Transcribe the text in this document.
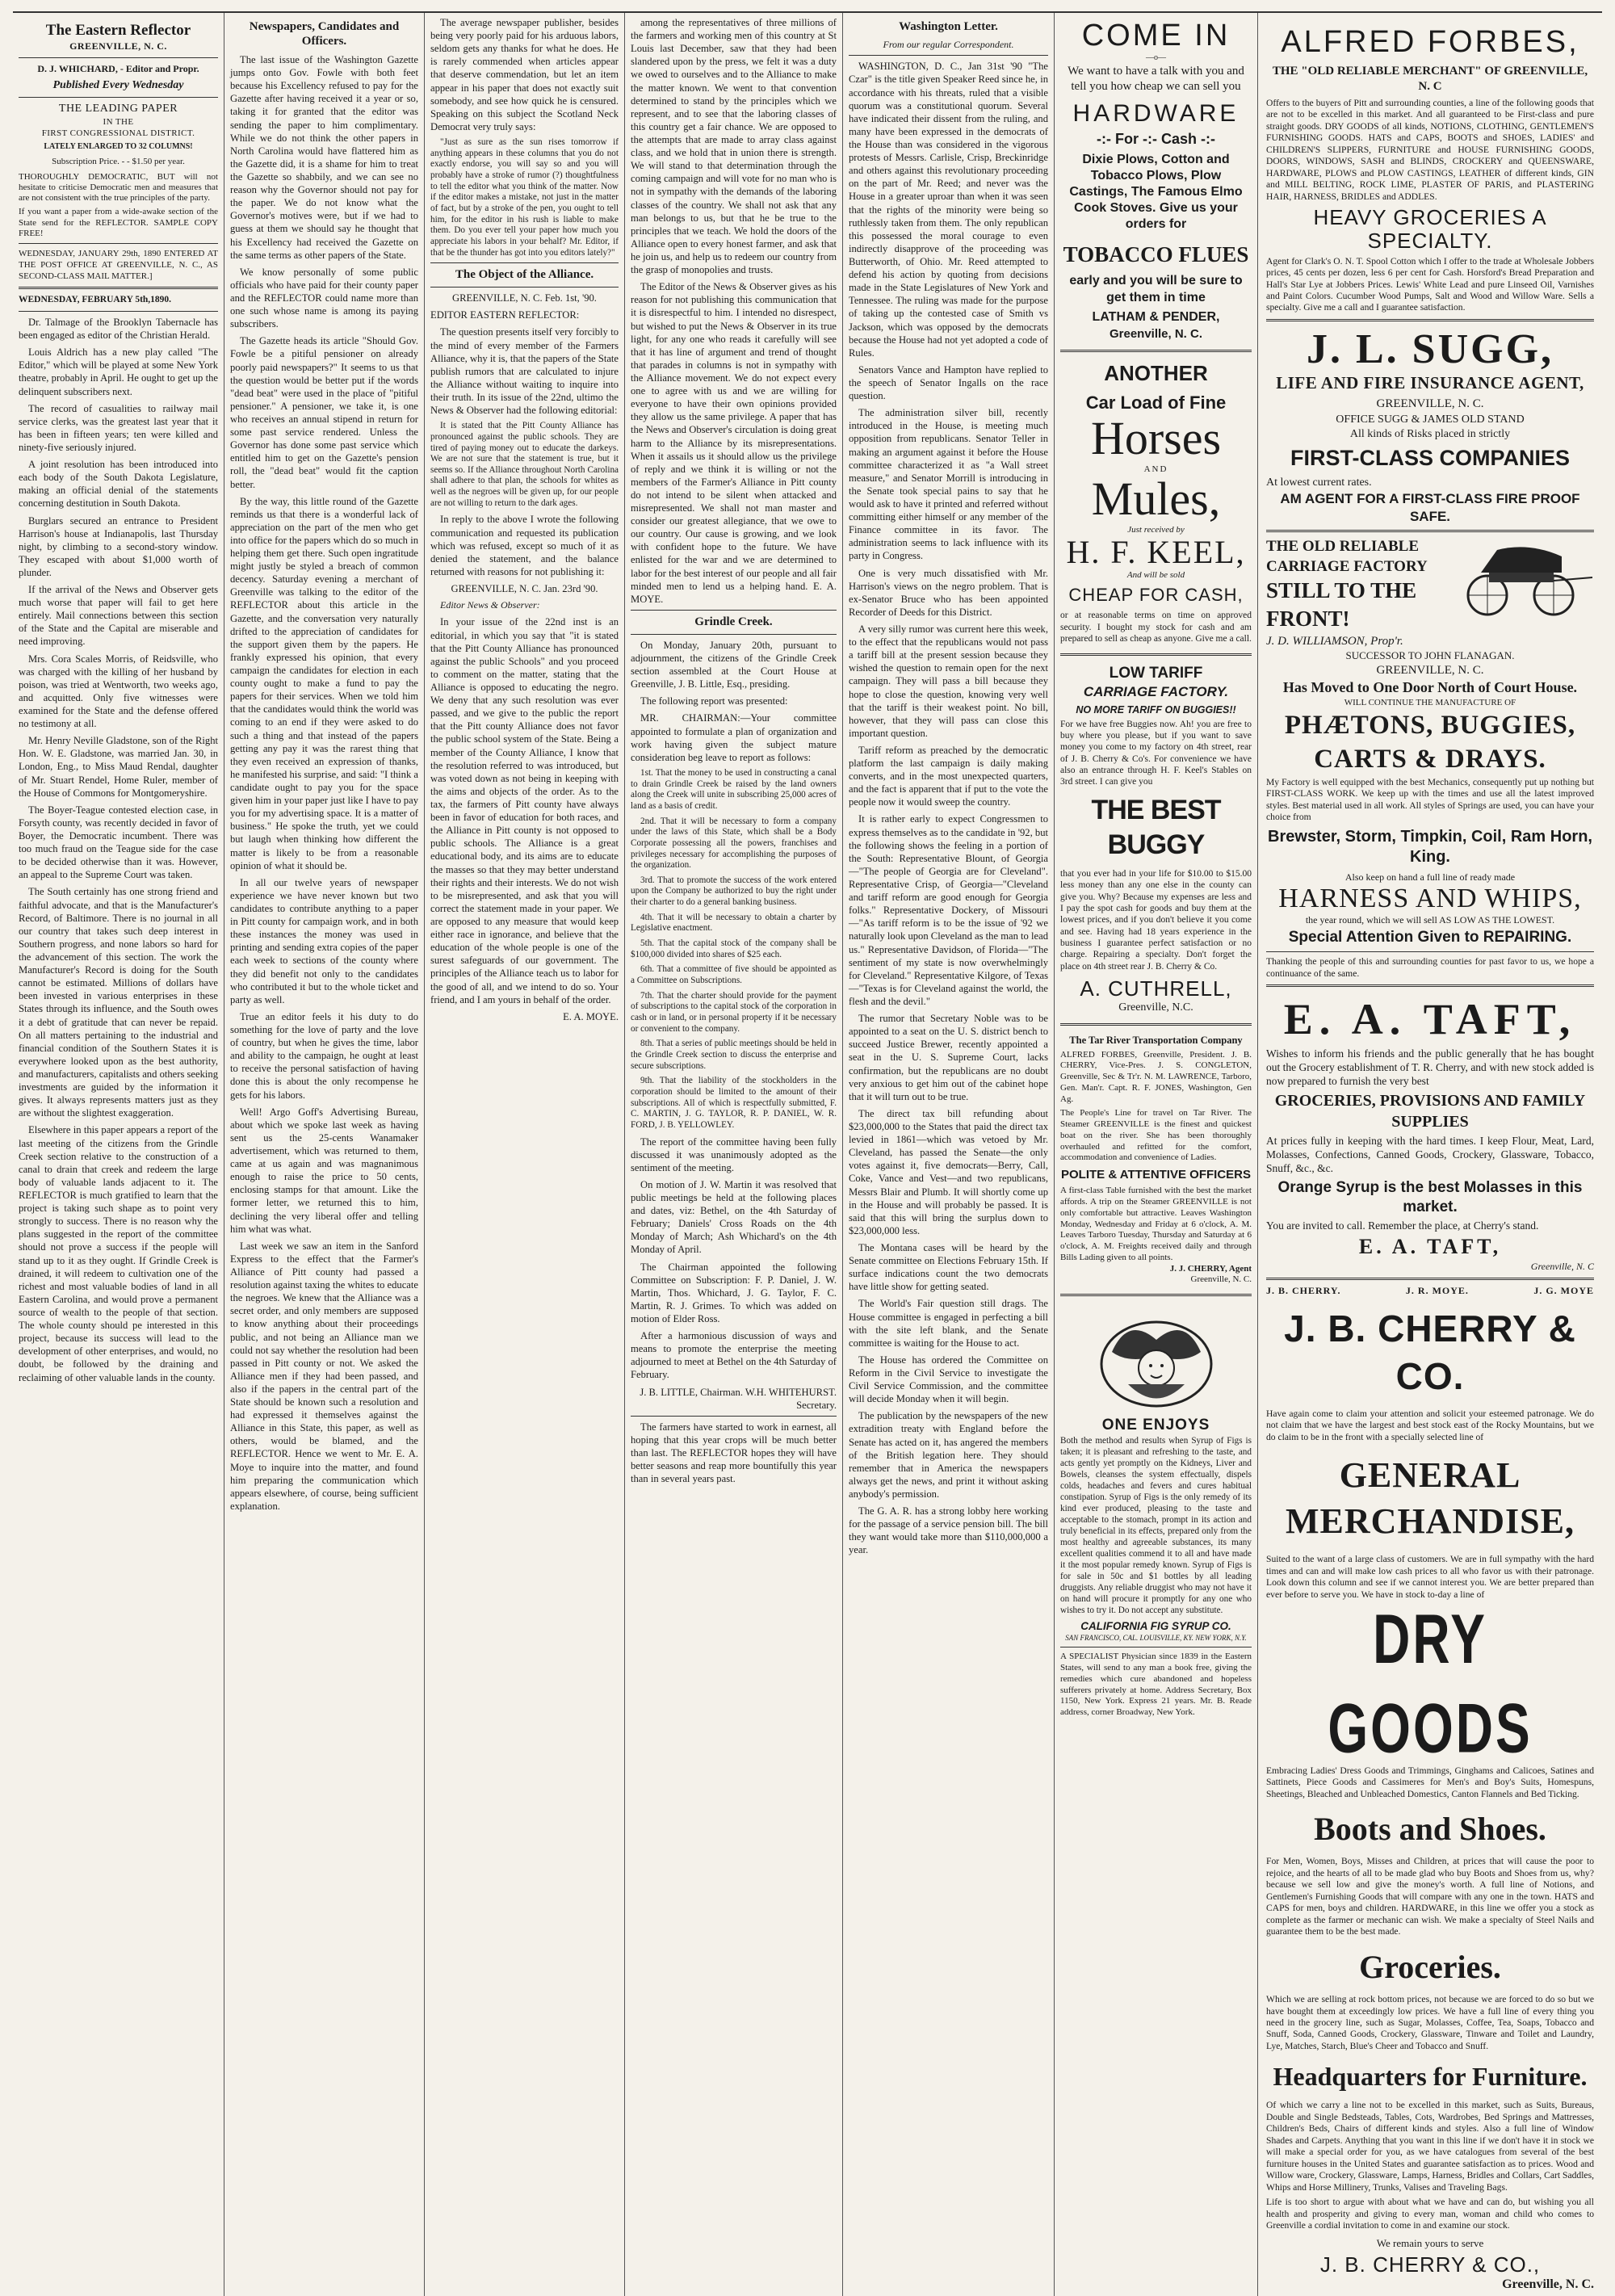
The Eastern Reflector
GREENVILLE, N. C.
D. J. WHICHARD, - Editor and Propr.
Published Every Wednesday
THE LEADING PAPER
IN THE
FIRST CONGRESSIONAL DISTRICT.
LATELY ENLARGED TO 32 COLUMNS!
Subscription Price. - - $1.50 per year.
THOROUGHLY DEMOCRATIC, BUT will not hesitate to criticise Democratic men and measures that are not consistent with the true principles of the party.
If you want a paper from a wide-awake section of the State send for the REFLECTOR. SAMPLE COPY FREE!
WEDNESDAY, JANUARY 29th, 1890 ENTERED AT THE POST OFFICE AT GREENVILLE, N. C., AS SECOND-CLASS MAIL MATTER.]
WEDNESDAY, FEBRUARY 5th,1890.

Dr. Talmage of the Brooklyn Tabernacle has been engaged as editor of the Christian Herald.

Louis Aldrich has a new play called "The Editor," which will be played at some New York theatre, probably in April. He ought to get up the delinquent subscribers next.

The record of casualities to railway mail service clerks, was the greatest last year that it has been in fifteen years; ten were killed and ninety-five seriously injured.

A joint resolution has been introduced into each body of the South Dakota Legislature, making an official denial of the statements concerning destitution in South Dakota.

Burglars secured an entrance to President Harrison's house at Indianapolis, last Thursday night, by climbing to a second-story window. They escaped with about $1,000 worth of plunder.

If the arrival of the News and Observer gets much worse that paper will fail to get here entirely. Mail connections between this section of the State and the Capital are miserable and need improving.

Mrs. Cora Scales Morris, of Reidsville, who was charged with the killing of her husband by poison, was tried at Wentworth, two weeks ago, and acquitted. Only five witnesses were examined for the State and the defense offered no testimony at all.

Mr. Henry Neville Gladstone, son of the Right Hon. W. E. Gladstone, was married Jan. 30, in London, Eng., to Miss Maud Rendal, daughter of Mr. Stuart Rendel, Home Ruler, member of the House of Commons for Montgomeryshire.

The Boyer-Teague contested election case, in Forsyth county, was recently decided in favor of Boyer, the Democratic incumbent. There was too much fraud on the Teague side for the case to be decided otherwise than it was. However, an appeal to the Supreme Court was taken.

The South certainly has one strong friend and faithful advocate, and that is the Manufacturer's Record, of Baltimore. There is no journal in all our country that takes such deep interest in Southern progress, and none labors so hard for the advancement of this section. The work the Manufacturer's Record is doing for the South cannot be estimated. Millions of dollars have been invested in various enterprises in these States through its influence, and the South owes it a debt of gratitude that can never be repaid. On all matters pertaining to the industrial and financial condition of the Southern States it is everywhere looked upon as the best authority, and manufacturers, capitalists and others seeking investments are guided by the information it gives. It always represents matters just as they are without the slightest exaggeration.

Elsewhere in this paper appears a report of the last meeting of the citizens from the Grindle Creek section relative to the construction of a canal to drain that creek and redeem the large body of valuable lands adjacent to it. The REFLECTOR is much gratified to learn that the project is taking such shape as to point very strongly to success. There is no reason why the plans suggested in the report of the committee should not prove a success if the people will stand up to it as they ought. If Grindle Creek is drained, it will redeem to cultivation one of the richest and most valuable bodies of land in all Eastern Carolina, and would prove a permanent source of wealth to the people of that section. The whole county should pe interested in this project, because its success will lead to the development of other enterprises, and would, no doubt, be followed by the draining and reclaiming of other valuable lands in the county.

Newspapers, Candidates and Officers.

The last issue of the Washington Gazette jumps onto Gov. Fowle with both feet because his Excellency refused to pay for the Gazette after having received it a year or so, taking it for granted that the editor was sending the paper to him complimentary. While we do not think the other papers in North Carolina would have flattered him as the Gazette did, it is a shame for him to treat the Gazette so shabbily, and we can see no reason why the Governor should not pay for the paper. We do not know what the Governor's motives were, but if we had to guess at them we should say he thought that his Excellency had received the Gazette on the same terms as other papers of the State.

We know personally of some public officials who have paid for their county paper and the REFLECTOR could name more than one such whose name is among its paying subscribers.

The Gazette heads its article "Should Gov. Fowle be a pitiful pensioner on already poorly paid newspapers?" It seems to us that the question would be better put if the words "dead beat" were used in the place of "pitiful pensioner." A pensioner, we take it, is one who receives an annual stipend in return for some past service rendered. Unless the Governor has done some past service which entitled him to get on the Gazette's pension roll, the "dead beat" would fit the caption better.

By the way, this little round of the Gazette reminds us that there is a wonderful lack of appreciation on the part of the men who get into office for the papers which do so much in helping them get there. Such open ingratitude might justly be styled a breach of common decency. Saturday evening a merchant of Greenville was talking to the editor of the REFLECTOR about this article in the Gazette, and the conversation very naturally drifted to the appreciation of candidates for the support given them by the papers. He frankly expressed his opinion, that every campaign the candidates for election in each county ought to make a fund to pay the papers for their services. When we told him that the candidates would think the world was coming to an end if they were asked to do such a thing and that instead of the papers getting any pay it was the rarest thing that they even received an expression of thanks, he manifested his surprise, and said: "I think a candidate ought to pay you for the space given him in your paper just like I have to pay you for my advertising space. It is a matter of business." He spoke the truth, yet we could but laugh when thinking how different the matter is likely to be from a reasonable opinion of what it should be.

In all our twelve years of newspaper experience we have never known but two candidates to contribute anything to a paper in Pitt county for campaign work, and in both these instances the money was used in printing and sending extra copies of the paper each week to sections of the county where they did benefit not only to the candidates who contributed it but to the whole ticket and party as well.

True an editor feels it his duty to do something for the love of party and the love of country, but when he gives the time, labor and ability to the campaign, he ought at least to receive the personal satisfaction of having done this is about the only recompense he gets for his labors.

Well! Argo Goff's Advertising Bureau, about which we spoke last week as having sent us the 25-cents Wanamaker advertisement, which was returned to them, came at us again and was magnanimous enough to raise the price to 50 cents, enclosing stamps for that amount. Like the former letter, we returned this to him, declining the very liberal offer and telling him what was what.

Last week we saw an item in the Sanford Express to the effect that the Farmer's Alliance of Pitt county had passed a resolution against taxing the whites to educate the negroes. We knew that the Alliance was a secret order, and only members are supposed to know anything about their proceedings public, and not being an Alliance man we could not say whether the resolution had been passed in Pitt county or not. We asked the Alliance men if they had been passed, and also if the papers in the central part of the State should be known such a resolution and had expressed it themselves against the Alliance in this State, this paper, as well as others, would be blamed, and the REFLECTOR. Hence we went to Mr. E. A. Moye to inquire into the matter, and found him preparing the communication which appears elsewhere, of course, being sufficient explanation.

The average newspaper publisher, besides being very poorly paid for his arduous labors, seldom gets any thanks for what he does. He is rarely commended when articles appear that deserve commendation, but let an item appear in his paper that does not exactly suit somebody, and see how quick he is censured. Speaking on this subject the Scotland Neck Democrat very truly says:

"Just as sure as the sun rises tomorrow if anything appears in these columns that you do not exactly endorse, you will say so and you will probably have a stroke of rumor (?) thoughtfulness to tell the editor what you think of the matter. Now if the editor makes a mistake, not just in the matter of fact, but by a stroke of the pen, you ought to tell him, for the editor in his rush is liable to make them. Do you ever tell your paper how much you appreciate his labors in your behalf? Mr. Editor, if that be the thunder has got into you editors lately?"

The Object of the Alliance.

GREENVILLE, N. C. Feb. 1st, '90.

EDITOR EASTERN REFLECTOR:

The question presents itself very forcibly to the mind of every member of the Farmers Alliance, why it is, that the papers of the State publish rumors that are calculated to injure the Alliance without waiting to inquire into their truth. In its issue of the 22nd, ultimo the News & Observer had the following editorial:

It is stated that the Pitt County Alliance has pronounced against the public schools. They are tired of paying money out to educate the darkeys. We are not sure that the statement is true, but it seems so. If the Alliance throughout North Carolina shall adhere to that plan, the schools for whites as well as the negroes will be given up, for our people are not willing to return to the dark ages.

In reply to the above I wrote the following communication and requested its publication which was refused, except so much of it as denied the statement, and the balance returned with reasons for not publishing it:

GREENVILLE, N. C. Jan. 23rd '90.

Editor News & Observer:

In your issue of the 22nd inst is an editorial, in which you say that "it is stated that the Pitt County Alliance has pronounced against the public Schools" and you proceed to comment on the matter, stating that the Alliance is opposed to educating the negro. We deny that any such resolution was ever passed, and we give to the public the report that the Pitt county Alliance does not favor the public school system of the State. Being a member of the County Alliance, I know that the resolution referred to was introduced, but was voted down as not being in keeping with the aims and objects of the order. As to the tax, the farmers of Pitt county have always been in favor of education for both races, and the Alliance in Pitt county is not opposed to public schools. The Alliance is a great educational body, and its aims are to educate the masses so that they may better understand their rights and their interests. We do not wish to be misrepresented, and ask that you will correct the statement made in your paper. We are opposed to any measure that would keep either race in ignorance, and believe that the education of the whole people is one of the surest safeguards of our government. The principles of the Alliance teach us to labor for the good of all, and we intend to do so. Your friend, and I am yours in behalf of the order.

E. A. MOYE.

among the representatives of three millions of the farmers and working men of this country at St Louis last December, saw that they had been slandered upon by the press, we felt it was a duty we owed to ourselves and to the Alliance to make the matter known. We went to that convention determined to stand by the principles which we represent, and to see that the laboring classes of this country get a fair chance. We are opposed to the attempts that are made to array class against class, and we hold that in union there is strength. We will stand to that determination through the coming campaign and will vote for no man who is not in sympathy with the demands of the laboring classes of the country. We shall not ask that any man belongs to us, but that he be true to the principles that we teach. We hold the doors of the Alliance open to every honest farmer, and ask that he join us, and help us to redeem our country from the grasp of monopolies and trusts.

The Editor of the News & Observer gives as his reason for not publishing this communication that it is disrespectful to him. I intended no disrespect, but wished to put the News & Observer in its true light, for any one who reads it carefully will see that it has line of argument and trend of thought that parades in columns is not in sympathy with the Alliance movement. We do not expect every one to agree with us and we are willing for everyone to have their own opinions provided they allow us the same privilege. A paper that has the News and Observer's circulation is doing great harm to the Alliance by its misrepresentations. When it assails us it should allow us the privilege of reply and we think it is willing or not the members of the Farmer's Alliance in Pitt county do not intend to be silent when attacked and misrepresented. We shall not man master and consider our greatest allegiance, that we owe to our country. Our cause is growing, and we look with confident hope to the future. We have enlisted for the war and we are determined to labor for the best interest of our people and all fair minded men to lend us a helping hand. E. A. MOYE.

Grindle Creek.

On Monday, January 20th, pursuant to adjournment, the citizens of the Grindle Creek section assembled at the Court House at Greenville, J. B. Little, Esq., presiding.

The following report was presented:

MR. CHAIRMAN:—Your committee appointed to formulate a plan of organization and work having given the subject mature consideration beg leave to report as follows:

1st. That the money to be used in constructing a canal to drain Grindle Creek be raised by the land owners along the Creek will unite in subscribing 25,000 acres of land as a basis of credit.

2nd. That it will be necessary to form a company under the laws of this State, which shall be a Body Corporate possessing all the powers, franchises and privileges necessary for accomplishing the purposes of the organization.

3rd. That to promote the success of the work entered upon the Company be authorized to buy the right under their charter to do a general banking business.

4th. That it will be necessary to obtain a charter by Legislative enactment.

5th. That the capital stock of the company shall be $100,000 divided into shares of $25 each.

6th. That a committee of five should be appointed as a Committee on Subscriptions.

7th. That the charter should provide for the payment of subscriptions to the capital stock of the corporation in cash or in land, or in personal property if it be necessary or convenient to the company.

8th. That a series of public meetings should be held in the Grindle Creek section to discuss the enterprise and secure subscriptions.

9th. That the liability of the stockholders in the corporation should be limited to the amount of their subscriptions. All of which is respectfully submitted, F. C. MARTIN, J. G. TAYLOR, R. P. DANIEL, W. R. FORD, J. B. YELLOWLEY.

The report of the committee having been fully discussed it was unanimously adopted as the sentiment of the meeting.

On motion of J. W. Martin it was resolved that public meetings be held at the following places and dates, viz: Bethel, on the 4th Saturday of February; Daniels' Cross Roads on the 4th Monday of March; Ash Whichard's on the 4th Monday of April.

The Chairman appointed the following Committee on Subscription: F. P. Daniel, J. W. Martin, Thos. Whichard, J. G. Taylor, F. C. Martin, R. J. Grimes. To which was added on motion of Elder Ross.

After a harmonious discussion of ways and means to promote the enterprise the meeting adjourned to meet at Bethel on the 4th Saturday of February.

J. B. LITTLE, Chairman. W.H. WHITEHURST. Secretary.

The farmers have started to work in earnest, all hoping that this year crops will be much better than last. The REFLECTOR hopes they will have better seasons and reap more bountifully this year than in several years past.

Washington Letter.
From our regular Correspondent.

WASHINGTON, D. C., Jan 31st '90 "The Czar" is the title given Speaker Reed since he, in accordance with his threats, ruled that a visible quorum was a constitutional quorum. Several have indicated their dissent from the ruling, and many have been expressed in the democrats of the House than was considered in the vigorous protests of Messrs. Carlisle, Crisp, Breckinridge and others against this revolutionary proceeding on the part of Mr. Reed; and never was the House in a greater uproar than when it was seen that the rights of the minority were being so ruthlessly taken from them. The only republican this possessed the moral courage to even indirectly disapprove of the proceeding was Butterworth, of Ohio. Mr. Reed attempted to defend his action by quoting from decisions made in the State Legislatures of New York and Tennessee. The ruling was made for the purpose of taking up the contested case of Smith vs Jackson, which was opposed by the democrats because the House had not yet adopted a code of Rules.

Senators Vance and Hampton have replied to the speech of Senator Ingalls on the race question.

The administration silver bill, recently introduced in the House, is meeting much opposition from republicans. Senator Teller in making an argument against it before the House committee characterized it as "a Wall street measure," and Senator Morrill is introducing in the Senate took special pains to say that he would ask to have it printed and referred without committing either himself or any member of the Finance committee in its favor. The administration seems to lack influence with its party in Congress.

One is very much dissatisfied with Mr. Harrison's views on the negro problem. That is ex-Senator Bruce who has been appointed Recorder of Deeds for this District.

A very silly rumor was current here this week, to the effect that the republicans would not pass a tariff bill at the present session because they wished the question to remain open for the next campaign. They will pass a bill because they hope to close the question, knowing very well that the tariff is their weakest point. No bill, however, that they will pass can close this important question.

Tariff reform as preached by the democratic platform the last campaign is daily making converts, and in the most unexpected quarters, and the fact is apparent that if put to the vote the people now it would sweep the country.

It is rather early to expect Congressmen to express themselves as to the candidate in '92, but the following shows the feeling in a portion of the South: Representative Blount, of Georgia—"The people of Georgia are for Cleveland". Representative Crisp, of Georgia—"Cleveland and tariff reform are good enough for Georgia folks." Representative Dockery, of Missouri—"As tariff reform is to be the issue of '92 we naturally look upon Cleveland as the man to lead us." Representative Davidson, of Florida—"The sentiment of my state is now overwhelmingly for Cleveland." Representative Kilgore, of Texas—"Texas is for Cleveland against the world, the flesh and the devil."

The rumor that Secretary Noble was to be appointed to a seat on the U. S. district bench to succeed Justice Brewer, recently appointed a seat in the U. S. Supreme Court, lacks confirmation, but the republicans are no doubt very anxious to get him out of the cabinet hope that it will turn out to be true.

The direct tax bill refunding about $23,000,000 to the States that paid the direct tax levied in 1861—which was vetoed by Mr. Cleveland, has passed the Senate—the only votes against it, five democrats—Berry, Call, Coke, Vance and Vest—and two republicans, Messrs Blair and Plumb. It will shortly come up in the House and will probably be passed. It is said that this will bring the surplus down to $23,000,000 less.

The Montana cases will be heard by the Senate committee on Elections February 15th. If surface indications count the two democrats have little show for getting seated.

The World's Fair question still drags. The House committee is engaged in perfecting a bill with the site left blank, and the Senate committee is waiting for the House to act.

The House has ordered the Committee on Reform in the Civil Service to investigate the Civil Service Commission, and the committee will decide Monday when it will begin.

The publication by the newspapers of the new extradition treaty with England before the Senate has acted on it, has angered the members of the British legation here. They should remember that in America the newspapers always get the news, and print it without asking anybody's permission.

The G. A. R. has a strong lobby here working for the passage of a service pension bill. The bill they want would take more than $110,000,000 a year.

COME IN
—o—
We want to have a talk with you and tell you how cheap we can sell you
HARDWARE
-:- For -:- Cash -:-
Dixie Plows, Cotton and Tobacco Plows, Plow Castings, The Famous Elmo Cook Stoves. Give us your orders for
TOBACCO FLUES
early and you will be sure to get them in time
LATHAM & PENDER,
Greenville, N. C.
ANOTHER
Car Load of Fine
Horses
AND
Mules,
Just received by
H. F. KEEL,
And will be sold
CHEAP FOR CASH,
or at reasonable terms on time on approved security. I bought my stock for cash and am prepared to sell as cheap as anyone. Give me a call.
LOW TARIFF
CARRIAGE FACTORY.
NO MORE TARIFF ON BUGGIES!!
For we have free Buggies now. Ah! you are free to buy where you please, but if you want to save money you come to my factory on 4th street, rear of J. B. Cherry & Co's. For convenience we have also an entrance through H. F. Keel's Stables on 3rd street. I can give you
THE BEST BUGGY
that you ever had in your life for $10.00 to $15.00 less money than any one else in the county can give you. Why? Because my expenses are less and I pay the spot cash for goods and buy them at the lowest prices, and if you don't believe it you come and see. Having had 18 years experience in the business I guarantee perfect satisfaction or no charge. Repairing a specialty. Don't forget the place on 4th street rear J. B. Cherry & Co.
A. CUTHRELL,
Greenville, N.C.
The Tar River Transportation Company
ALFRED FORBES, Greenville, President. J. B. CHERRY, Vice-Pres. J. S. CONGLETON, Greenville, Sec & Tr'r. N. M. LAWRENCE, Tarboro, Gen. Man'r. Capt. R. F. JONES, Washington, Gen Ag.
The People's Line for travel on Tar River. The Steamer GREENVILLE is the finest and quickest boat on the river. She has been thoroughly overhauled and refitted for the comfort, accommodation and convenience of Ladies.
POLITE & ATTENTIVE OFFICERS
A first-class Table furnished with the best the market affords. A trip on the Steamer GREENVILLE is not only comfortable but attractive. Leaves Washington Monday, Wednesday and Friday at 6 o'clock, A. M. Leaves Tarboro Tuesday, Thursday and Saturday at 6 o'clock, A. M. Freights received daily and through Bills Lading given to all points.
J. J. CHERRY, Agent
Greenville, N. C.
ONE ENJOYS
Both the method and results when Syrup of Figs is taken; it is pleasant and refreshing to the taste, and acts gently yet promptly on the Kidneys, Liver and Bowels, cleanses the system effectually, dispels colds, headaches and fevers and cures habitual constipation. Syrup of Figs is the only remedy of its kind ever produced, pleasing to the taste and acceptable to the stomach, prompt in its action and truly beneficial in its effects, prepared only from the most healthy and agreeable substances, its many excellent qualities commend it to all and have made it the most popular remedy known. Syrup of Figs is for sale in 50c and $1 bottles by all leading druggists. Any reliable druggist who may not have it on hand will procure it promptly for any one who wishes to try it. Do not accept any substitute.
CALIFORNIA FIG SYRUP CO.
SAN FRANCISCO, CAL. LOUISVILLE, KY. NEW YORK, N.Y.
A SPECIALIST Physician since 1839 in the Eastern States, will send to any man a book free, giving the remedies which cure abandoned and hopeless sufferers privately at home. Address Secretary, Box 1150, New York. Express 21 years. Mr. B. Reade address, corner Broadway, New York.
ALFRED FORBES,
THE "OLD RELIABLE MERCHANT" OF GREENVILLE, N. C
Offers to the buyers of Pitt and surrounding counties, a line of the following goods that are not to be excelled in this market. And all guaranteed to be First-class and pure straight goods. DRY GOODS of all kinds, NOTIONS, CLOTHING, GENTLEMEN'S FURNISHING GOODS. HATS and CAPS, BOOTS and SHOES, LADIES' and CHILDREN'S SLIPPERS, FURNITURE and HOUSE FURNISHING GOODS, DOORS, WINDOWS, SASH and BLINDS, CROCKERY and QUEENSWARE, HARDWARE, PLOWS and PLOW CASTINGS, LEATHER of different kinds, GIN and MILL BELTING, ROCK LIME, PLASTER OF PARIS, and PLASTERING HAIR, HARNESS, BRIDLES and ADDLES.
HEAVY GROCERIES A SPECIALTY.
Agent for Clark's O. N. T. Spool Cotton which I offer to the trade at Wholesale Jobbers prices, 45 cents per dozen, less 6 per cent for Cash. Horsford's Bread Preparation and Hall's Star Lye at Jobbers Prices. Lewis' White Lead and pure Linseed Oil, Varnishes and Paint Colors. Cucumber Wood Pumps, Salt and Wood and Willow Ware. Sells a specialty. Give me a call and I guarantee satisfaction.
J. L. SUGG,
LIFE AND FIRE INSURANCE AGENT,
GREENVILLE, N. C.
OFFICE SUGG & JAMES OLD STAND
All kinds of Risks placed in strictly
FIRST-CLASS COMPANIES
At lowest current rates.
AM AGENT FOR A FIRST-CLASS FIRE PROOF SAFE.
THE OLD RELIABLE CARRIAGE FACTORY
STILL TO THE FRONT!
J. D. WILLIAMSON, Prop'r.
SUCCESSOR TO JOHN FLANAGAN.
GREENVILLE, N. C.
Has Moved to One Door North of Court House.
WILL CONTINUE THE MANUFACTURE OF
PHÆTONS, BUGGIES, CARTS & DRAYS.
My Factory is well equipped with the best Mechanics, consequently put up nothing but FIRST-CLASS WORK. We keep up with the times and use all the latest improved styles. Best material used in all work. All styles of Springs are used, you can have your choice from
Brewster, Storm, Timpkin, Coil, Ram Horn, King.
Also keep on hand a full line of ready made
HARNESS AND WHIPS,
the year round, which we will sell AS LOW AS THE LOWEST.
Special Attention Given to REPAIRING.
Thanking the people of this and surrounding counties for past favor to us, we hope a continuance of the same.
E. A. TAFT,
Wishes to inform his friends and the public generally that he has bought out the Grocery establishment of T. R. Cherry, and with new stock added is now prepared to furnish the very best
GROCERIES, PROVISIONS AND FAMILY SUPPLIES
At prices fully in keeping with the hard times. I keep Flour, Meat, Lard, Molasses, Confections, Canned Goods, Crockery, Glassware, Tobacco, Snuff, &c., &c.
Orange Syrup is the best Molasses in this market.
You are invited to call. Remember the place, at Cherry's stand.
E. A. TAFT,
Greenville, N. C
J. B. CHERRY.	J. R. MOYE.	J. G. MOYE
J. B. CHERRY & CO.
Have again come to claim your attention and solicit your esteemed patronage. We do not claim that we have the largest and best stock east of the Rocky Mountains, but we do claim to be in the front with a specially selected line of
GENERAL MERCHANDISE,
Suited to the want of a large class of customers. We are in full sympathy with the hard times and can and will make low cash prices to all who favor us with their patronage. Look down this column and see if we cannot interest you. We are better prepared than ever before to serve you. We have in stock to-day a line of
DRY GOODS
Embracing Ladies' Dress Goods and Trimmings, Ginghams and Calicoes, Satines and Sattinets, Piece Goods and Cassimeres for Men's and Boy's Suits, Homespuns, Sheetings, Bleached and Unbleached Domestics, Canton Flannels and Bed Ticking.
Boots and Shoes.
For Men, Women, Boys, Misses and Children, at prices that will cause the poor to rejoice, and the hearts of all to be made glad who buy Boots and Shoes from us, why? because we sell low and give the money's worth. A full line of Notions, and Gentlemen's Furnishing Goods that will compare with any one in the town. HATS and CAPS for men, boys and children. HARDWARE, in this line we offer you a stock as complete as the farmer or mechanic can wish. We make a specialty of Steel Nails and guarantee them to be the best made.
Groceries.
Which we are selling at rock bottom prices, not because we are forced to do so but we have bought them at exceedingly low prices. We have a full line of every thing you need in the grocery line, such as Sugar, Molasses, Coffee, Tea, Soaps, Tobacco and Snuff, Soda, Canned Goods, Crockery, Glassware, Tinware and Toilet and Laundry, Lye, Matches, Starch, Blue's Cheer and Tobacco and Snuff.
Headquarters for Furniture.
Of which we carry a line not to be excelled in this market, such as Suits, Bureaus, Double and Single Bedsteads, Tables, Cots, Wardrobes, Bed Springs and Mattresses, Children's Beds, Chairs of different kinds and styles. Also a full line of Window Shades and Carpets. Anything that you want in this line if we don't have it in stock we will make a special order for you, as we have catalogues from several of the best furniture houses in the United States and guarantee satisfaction as to prices. Wood and Willow ware, Crockery, Glassware, Lamps, Harness, Bridles and Collars, Cart Saddles, Whips and Horse Millinery, Trunks, Valises and Traveling Bags.
Life is too short to argue with about what we have and can do, but wishing you all health and prosperity and giving to every man, woman and child who comes to Greenville a cordial invitation to come in and examine our stock.
We remain yours to serve
J. B. CHERRY & CO.,
Greenville, N. C.
